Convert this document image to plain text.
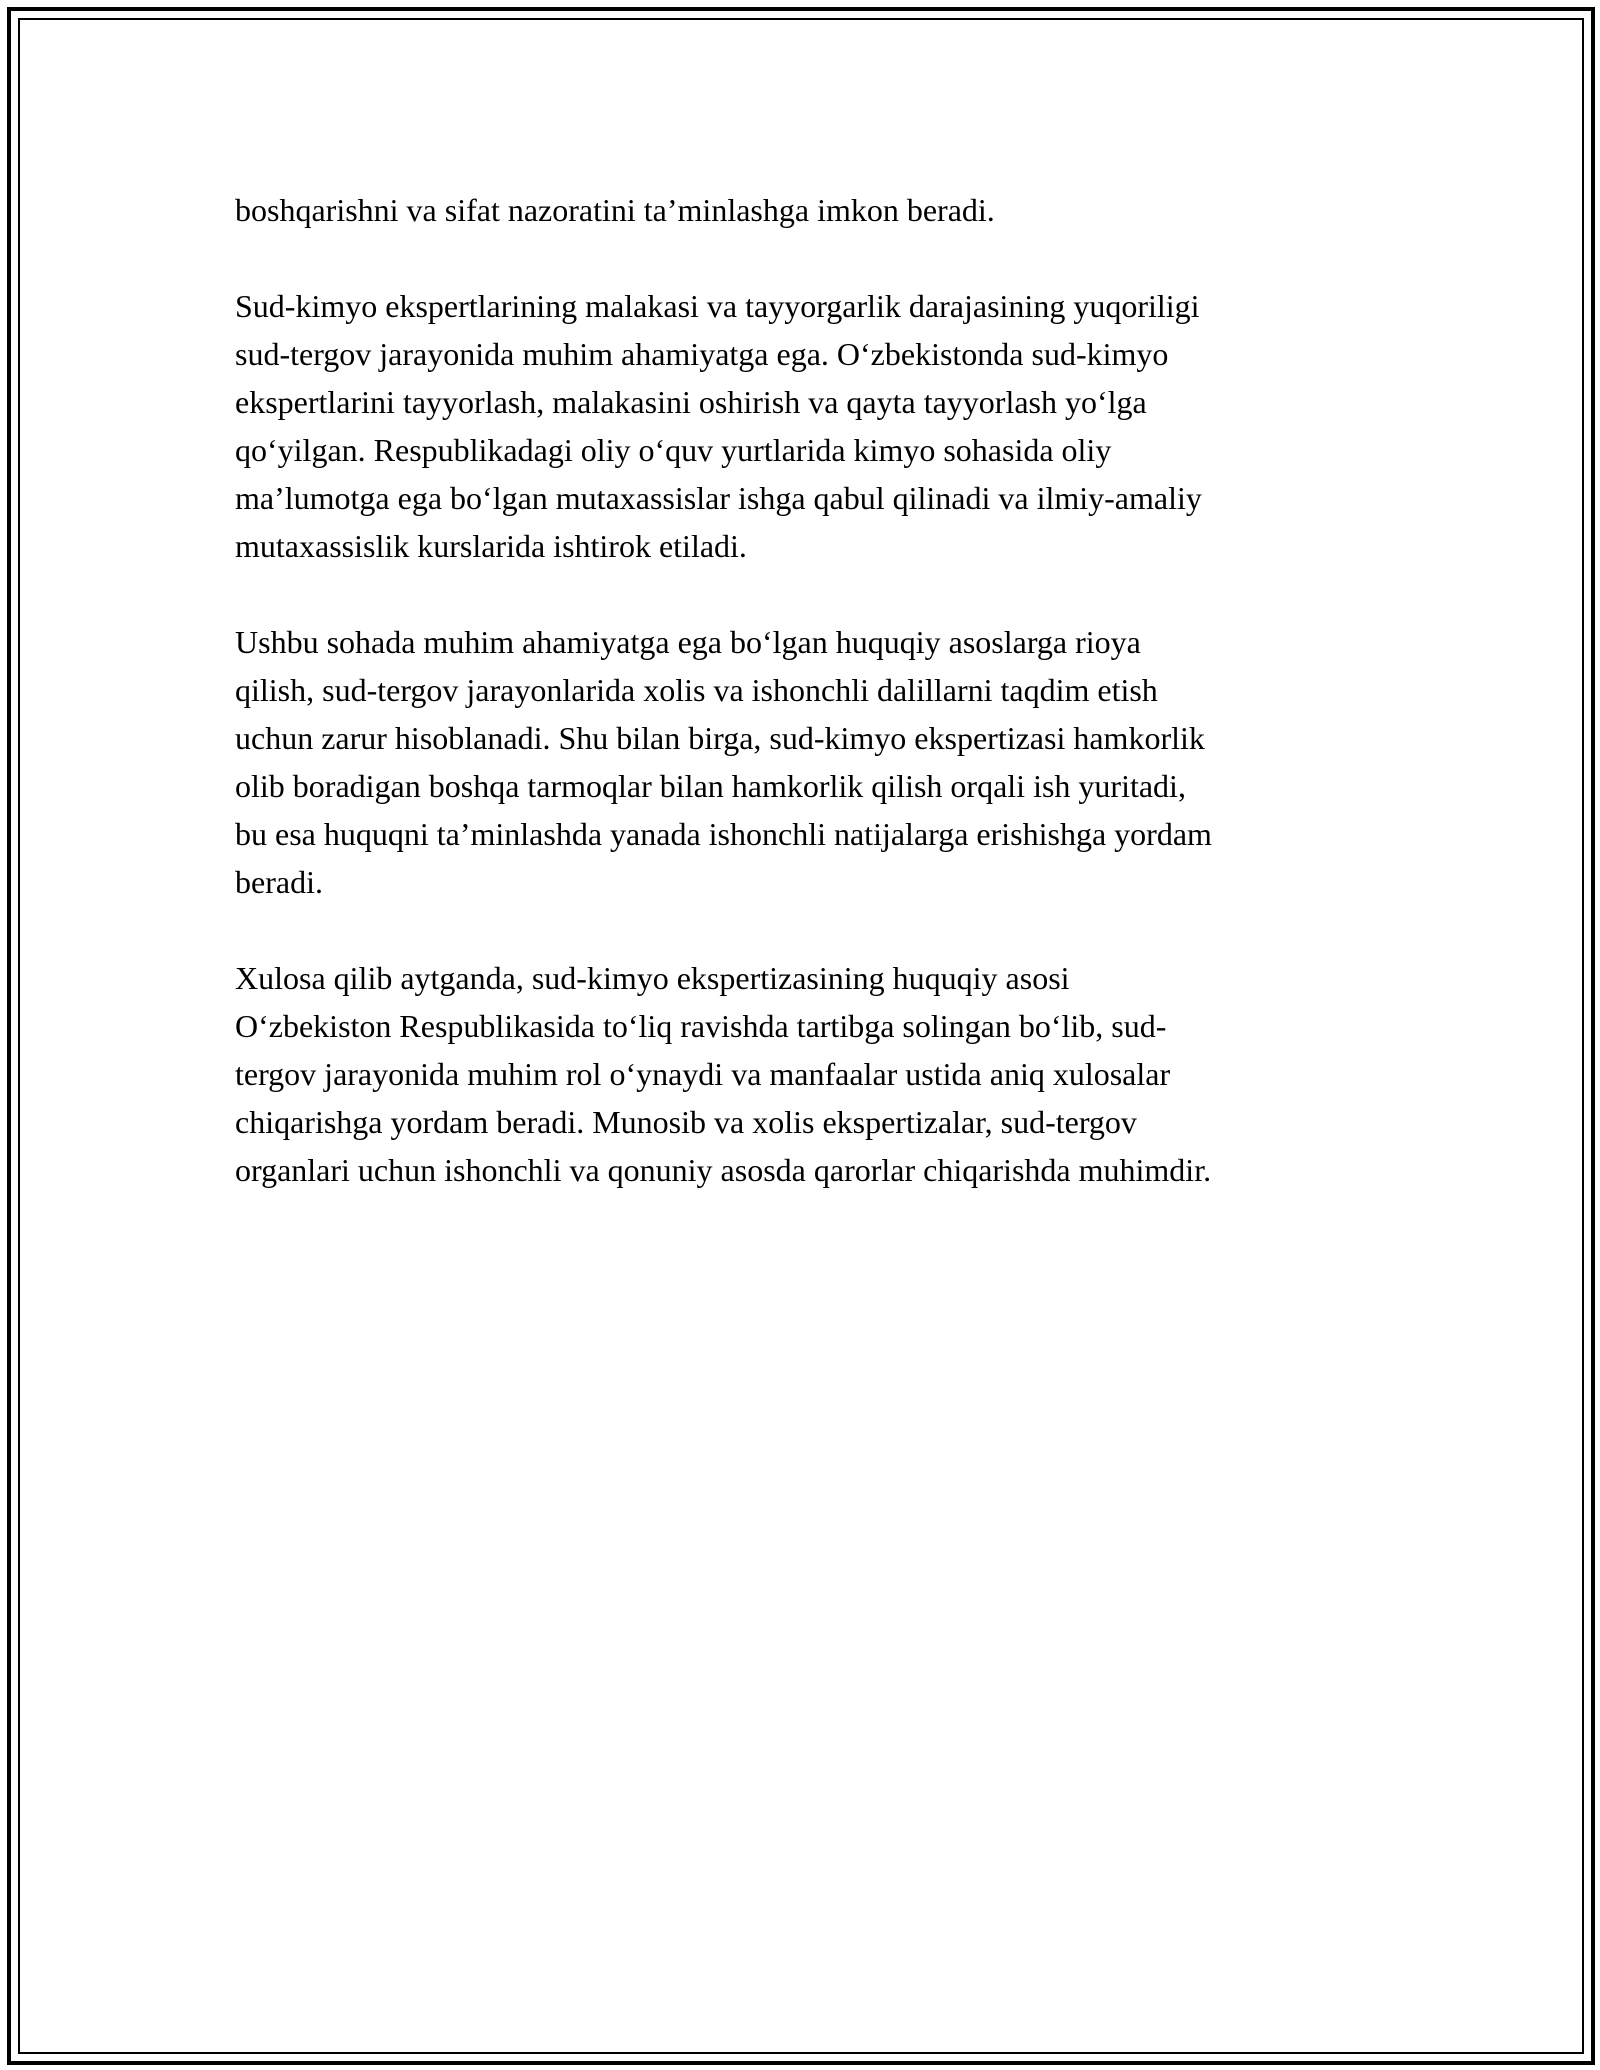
boshqarishni va sifat nazoratini ta’minlashga imkon beradi.

Sud-kimyo ekspertlarining malakasi va tayyorgarlik darajasining yuqoriligi
sud-tergov jarayonida muhim ahamiyatga ega. O‘zbekistonda sud-kimyo
ekspertlarini tayyorlash, malakasini oshirish va qayta tayyorlash yo‘lga
qo‘yilgan. Respublikadagi oliy o‘quv yurtlarida kimyo sohasida oliy
ma’lumotga ega bo‘lgan mutaxassislar ishga qabul qilinadi va ilmiy-amaliy
mutaxassislik kurslarida ishtirok etiladi.

Ushbu sohada muhim ahamiyatga ega bo‘lgan huquqiy asoslarga rioya
qilish, sud-tergov jarayonlarida xolis va ishonchli dalillarni taqdim etish
uchun zarur hisoblanadi. Shu bilan birga, sud-kimyo ekspertizasi hamkorlik
olib boradigan boshqa tarmoqlar bilan hamkorlik qilish orqali ish yuritadi,
bu esa huquqni ta’minlashda yanada ishonchli natijalarga erishishga yordam
beradi.

Xulosa qilib aytganda, sud-kimyo ekspertizasining huquqiy asosi
O‘zbekiston Respublikasida to‘liq ravishda tartibga solingan bo‘lib, sud-
tergov jarayonida muhim rol o‘ynaydi va manfaalar ustida aniq xulosalar
chiqarishga yordam beradi. Munosib va xolis ekspertizalar, sud-tergov
organlari uchun ishonchli va qonuniy asosda qarorlar chiqarishda muhimdir.
